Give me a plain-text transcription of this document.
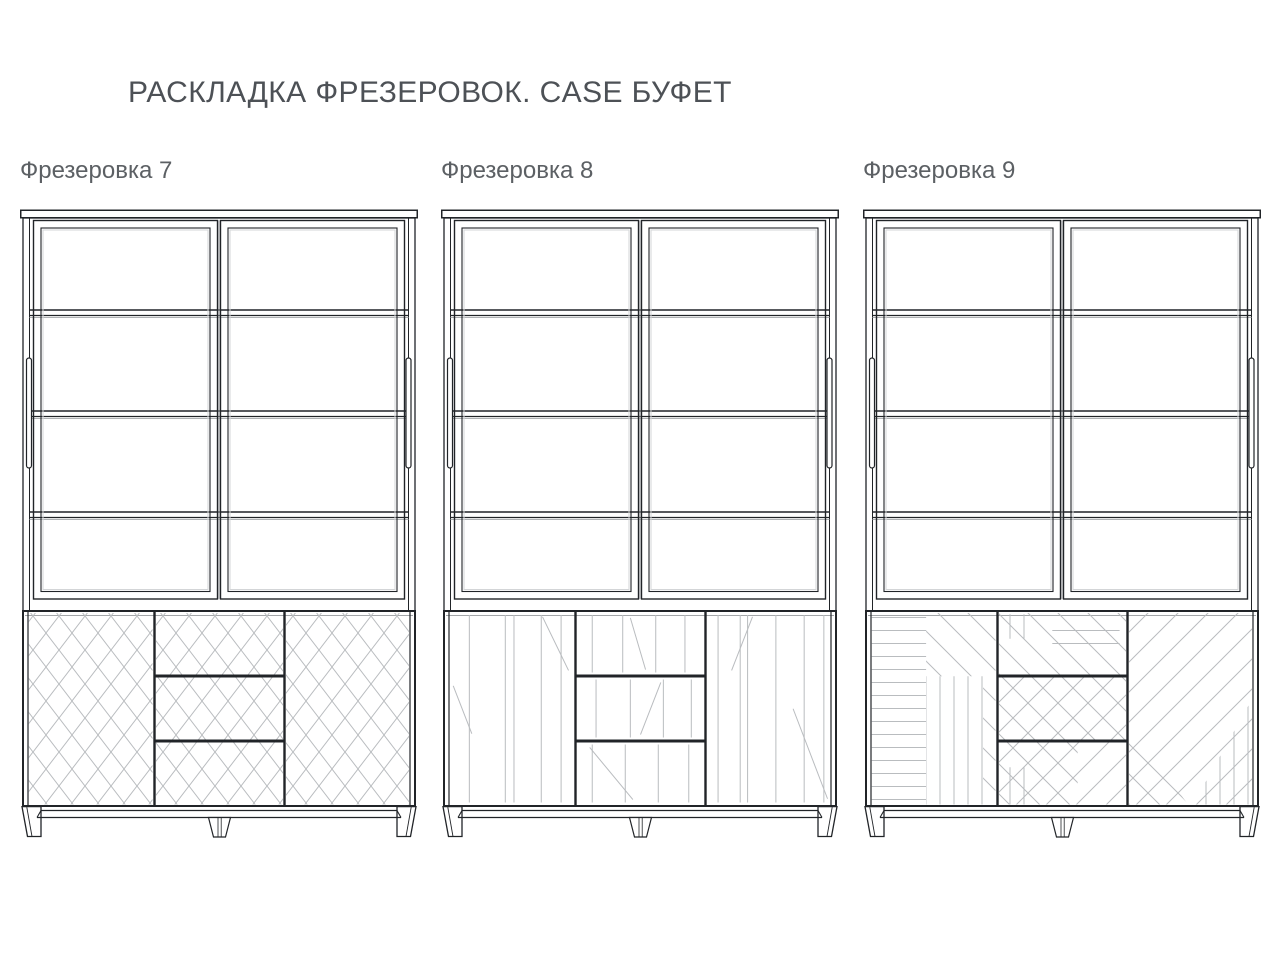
РАСКЛАДКА ФРЕЗЕРОВОК. CASE БУФЕТ
Фрезеровка 7	Фрезеровка 8	Фрезеровка 9
